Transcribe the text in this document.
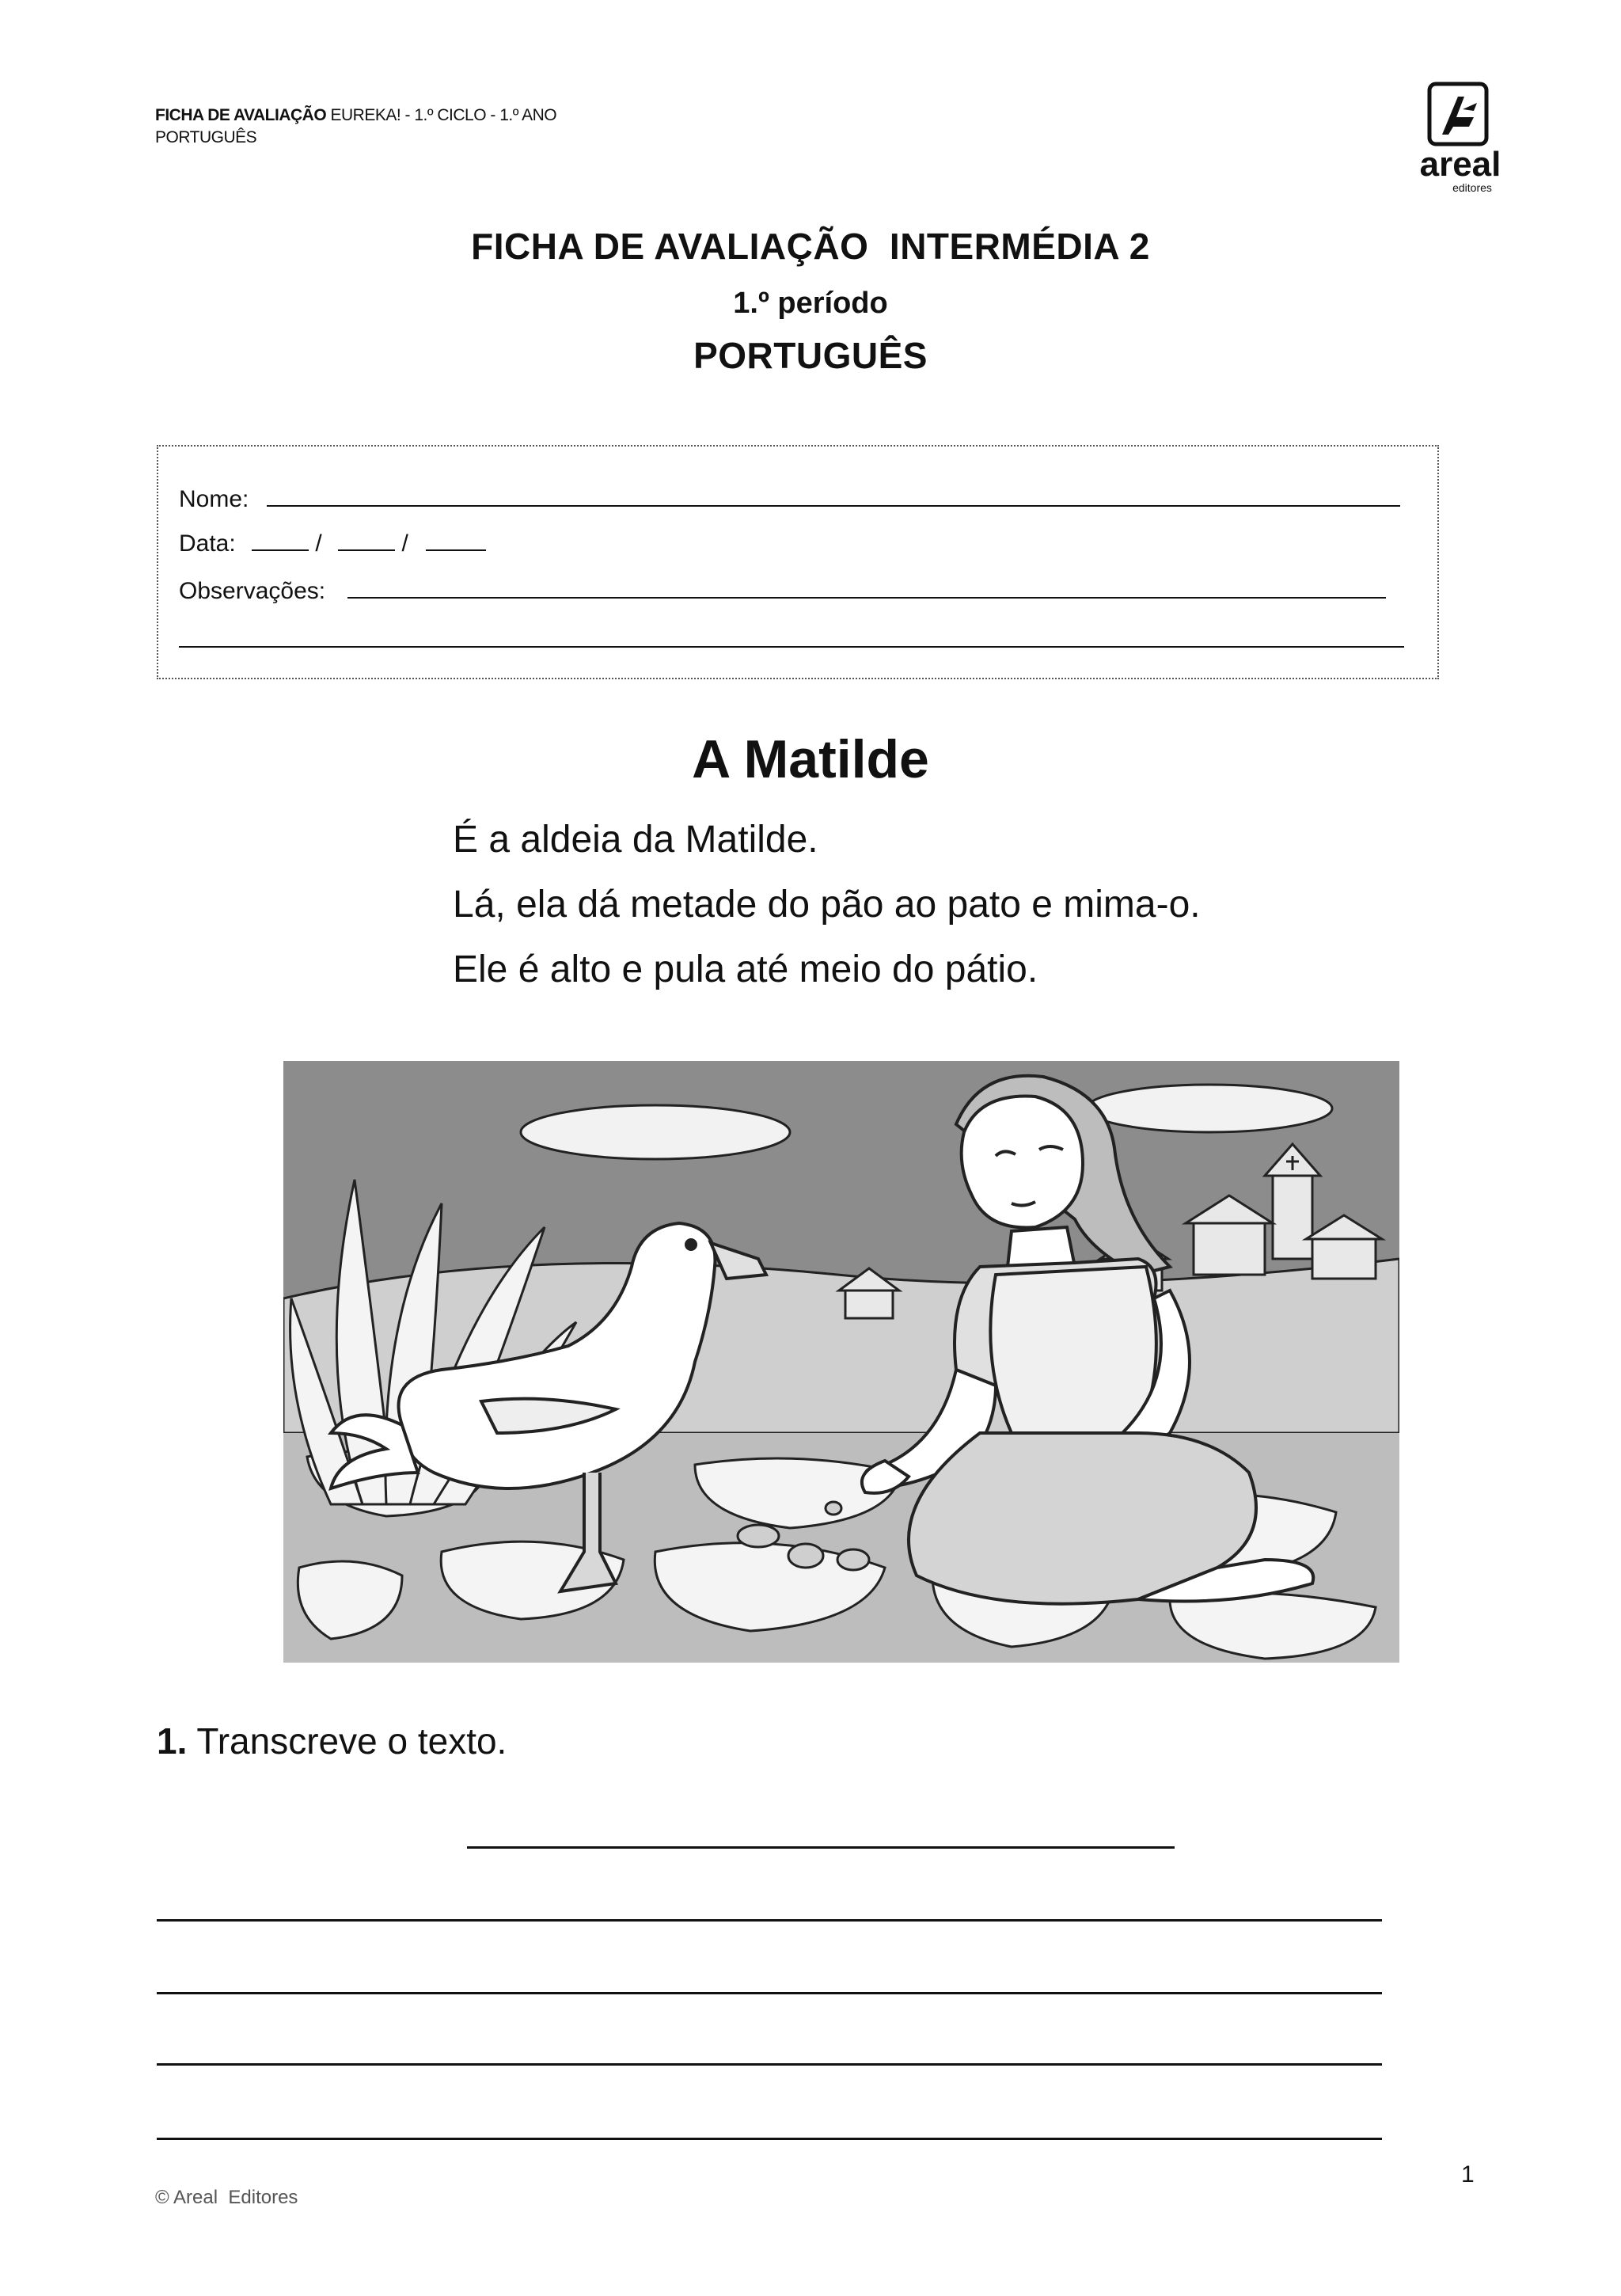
FICHA DE AVALIAÇÃO EUREKA! - 1.º CICLO - 1.º ANO
PORTUGUÊS
areal
editores
FICHA DE AVALIAÇÃO  INTERMÉDIA 2
1.º período
PORTUGUÊS
Nome:
Data:	/	/
Observações:
A Matilde
É a aldeia da Matilde.
Lá, ela dá metade do pão ao pato e mima-o.
Ele é alto e pula até meio do pátio.
1. Transcreve o texto.
© Areal  Editores
1
